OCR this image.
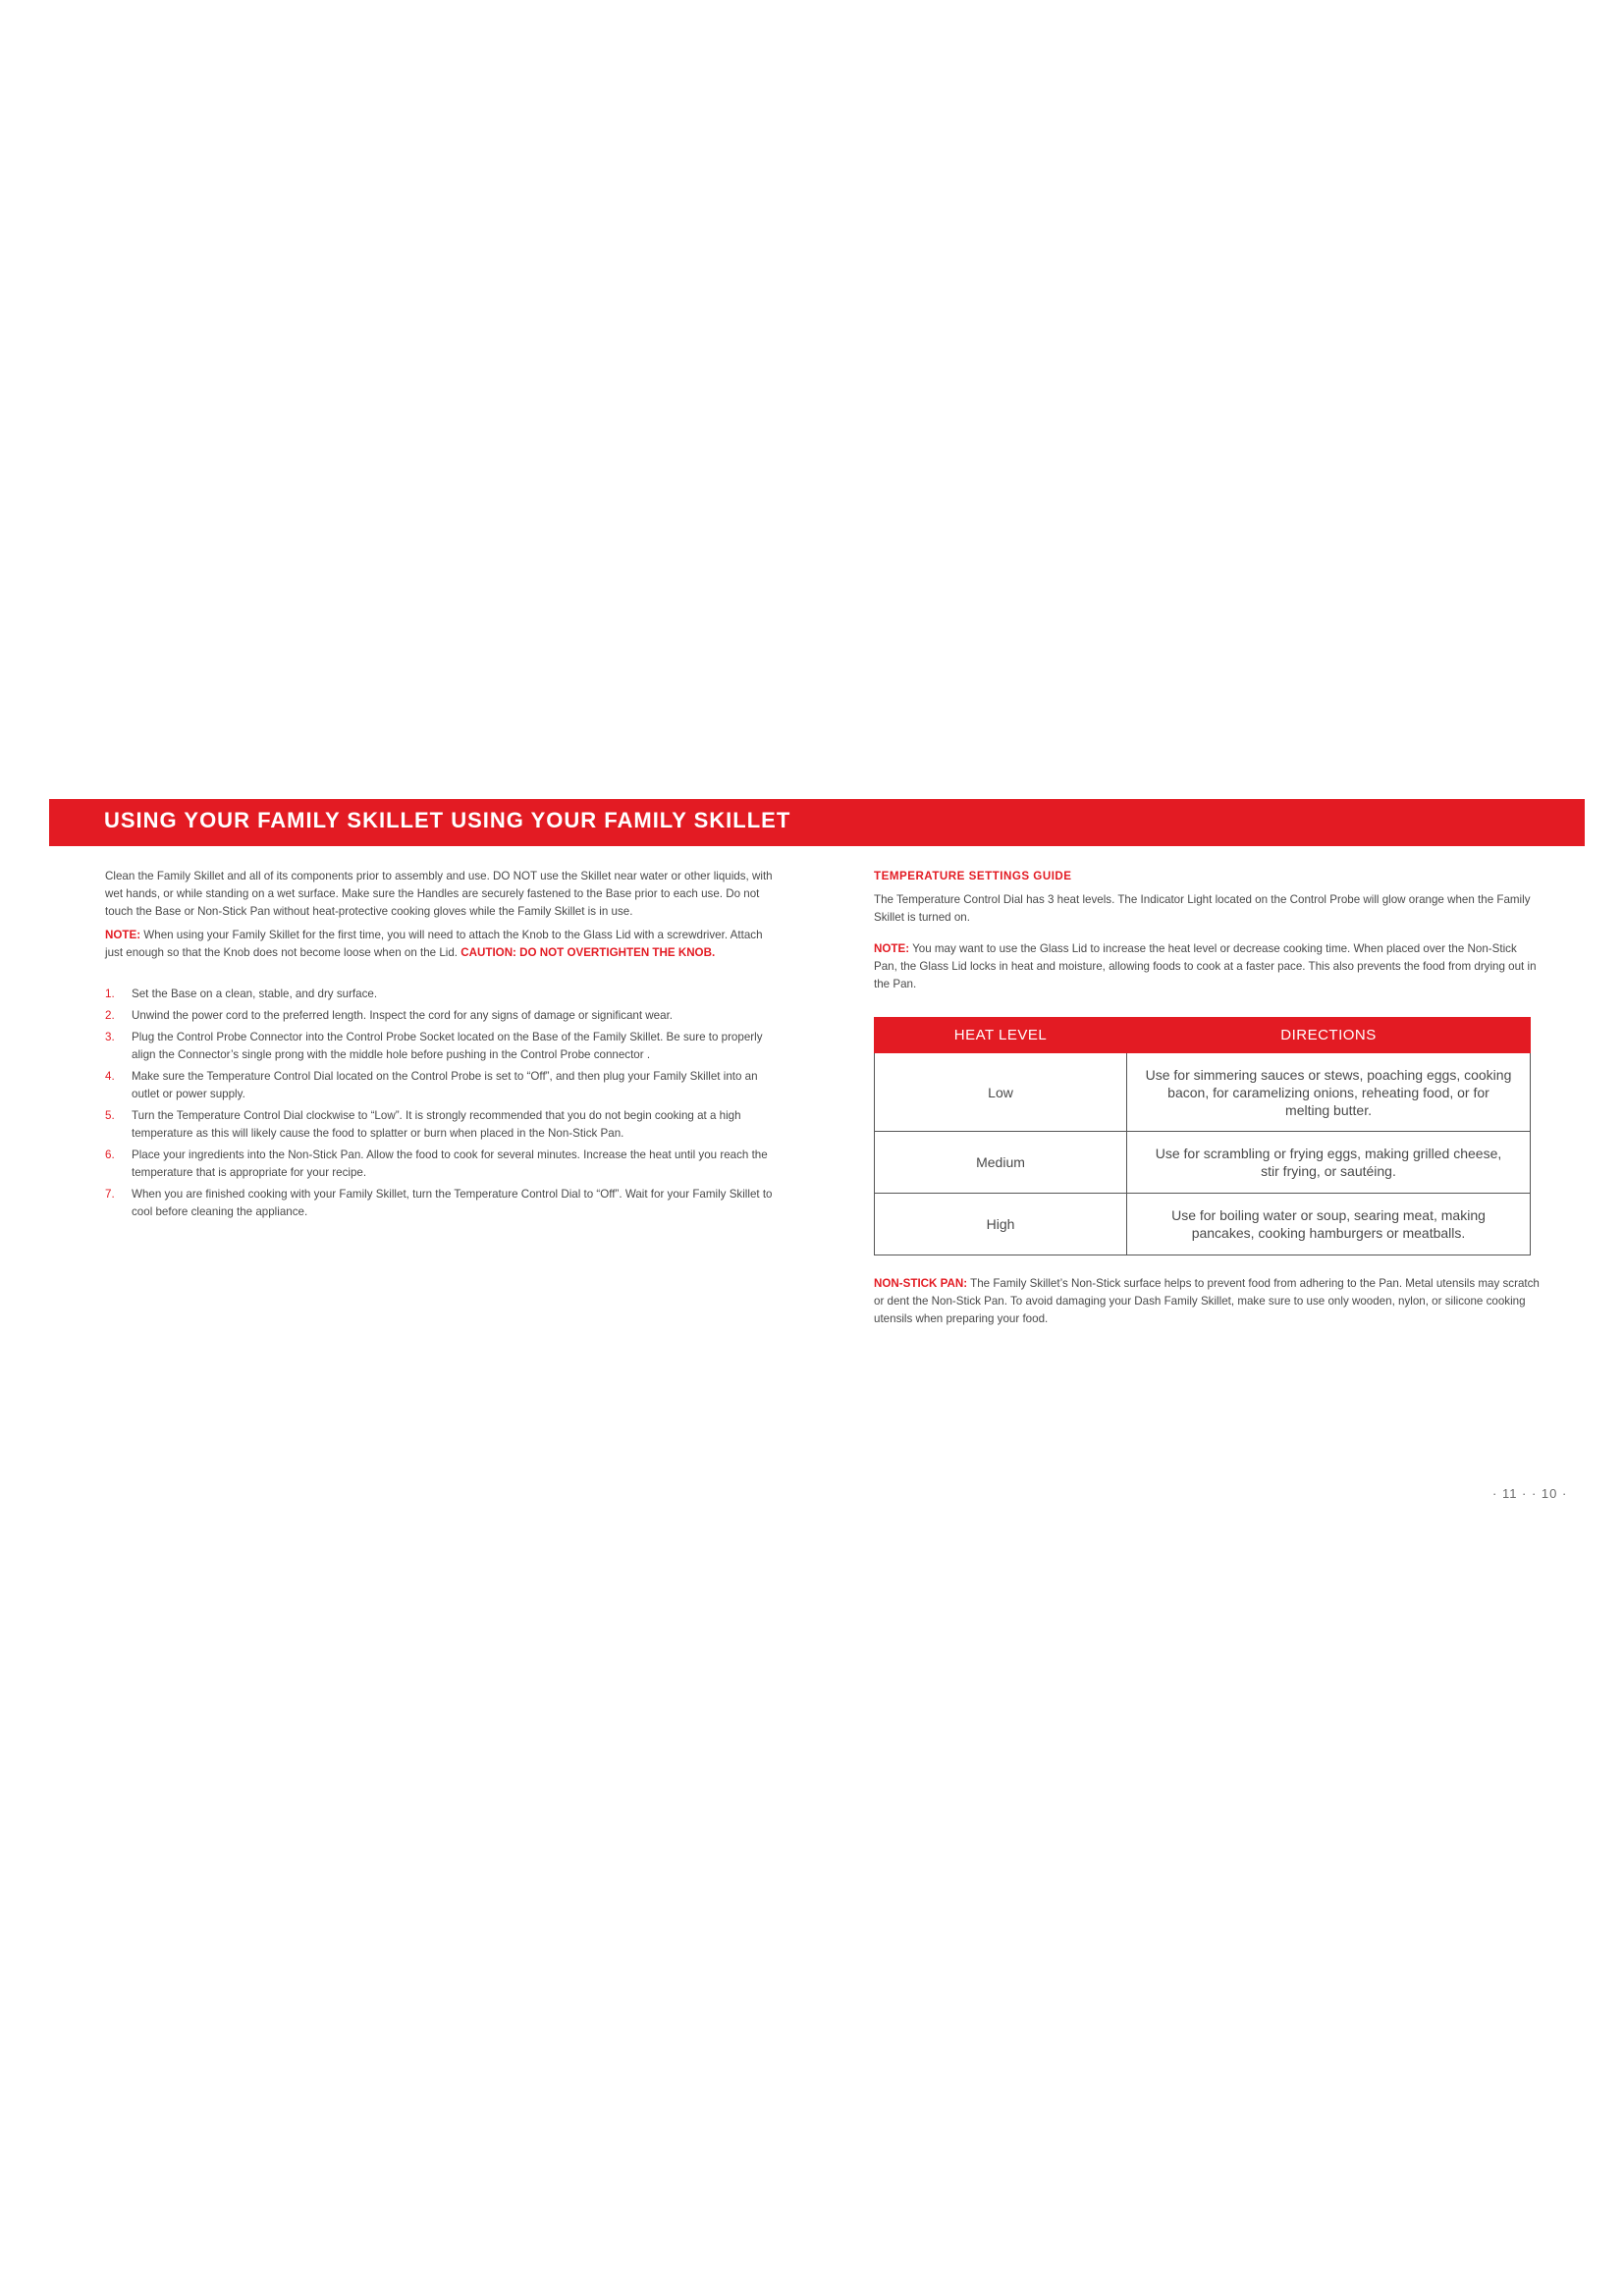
USING YOUR FAMILY SKILLET USING YOUR FAMILY SKILLET

Clean the Family Skillet and all of its components prior to assembly and use. DO NOT use the Skillet near water or other liquids, with wet hands, or while standing on a wet surface. Make sure the Handles are securely fastened to the Base prior to each use. Do not touch the Base or Non-Stick Pan without heat-protective cooking gloves while the Family Skillet is in use.

NOTE: When using your Family Skillet for the first time, you will need to attach the Knob to the Glass Lid with a screwdriver. Attach just enough so that the Knob does not become loose when on the Lid. CAUTION: DO NOT OVERTIGHTEN THE KNOB.

1. Set the Base on a clean, stable, and dry surface.
2. Unwind the power cord to the preferred length. Inspect the cord for any signs of damage or significant wear.
3. Plug the Control Probe Connector into the Control Probe Socket located on the Base of the Family Skillet. Be sure to properly align the Connector’s single prong with the middle hole before pushing in the Control Probe connector .
4. Make sure the Temperature Control Dial located on the Control Probe is set to “Off”, and then plug your Family Skillet into an outlet or power supply.
5. Turn the Temperature Control Dial clockwise to “Low”. It is strongly recommended that you do not begin cooking at a high temperature as this will likely cause the food to splatter or burn when placed in the Non-Stick Pan.
6. Place your ingredients into the Non-Stick Pan. Allow the food to cook for several minutes. Increase the heat until you reach the temperature that is appropriate for your recipe.
7. When you are finished cooking with your Family Skillet, turn the Temperature Control Dial to “Off”. Wait for your Family Skillet to cool before cleaning the appliance.
TEMPERATURE SETTINGS GUIDE

The Temperature Control Dial has 3 heat levels. The Indicator Light located on the Control Probe will glow orange when the Family Skillet is turned on.

NOTE: You may want to use the Glass Lid to increase the heat level or decrease cooking time. When placed over the Non-Stick Pan, the Glass Lid locks in heat and moisture, allowing foods to cook at a faster pace. This also prevents the food from drying out in the Pan.

HEAT LEVEL	DIRECTIONS
Low	Use for simmering sauces or stews, poaching eggs, cooking bacon, for caramelizing onions, reheating food, or for melting butter.
Medium	Use for scrambling or frying eggs, making grilled cheese, stir frying, or sautéing.
High	Use for boiling water or soup, searing meat, making pancakes, cooking hamburgers or meatballs.

NON-STICK PAN: The Family Skillet’s Non-Stick surface helps to prevent food from adhering to the Pan. Metal utensils may scratch or dent the Non-Stick Pan. To avoid damaging your Dash Family Skillet, make sure to use only wooden, nylon, or silicone cooking utensils when preparing your food.

· 11 · · 10 ·
